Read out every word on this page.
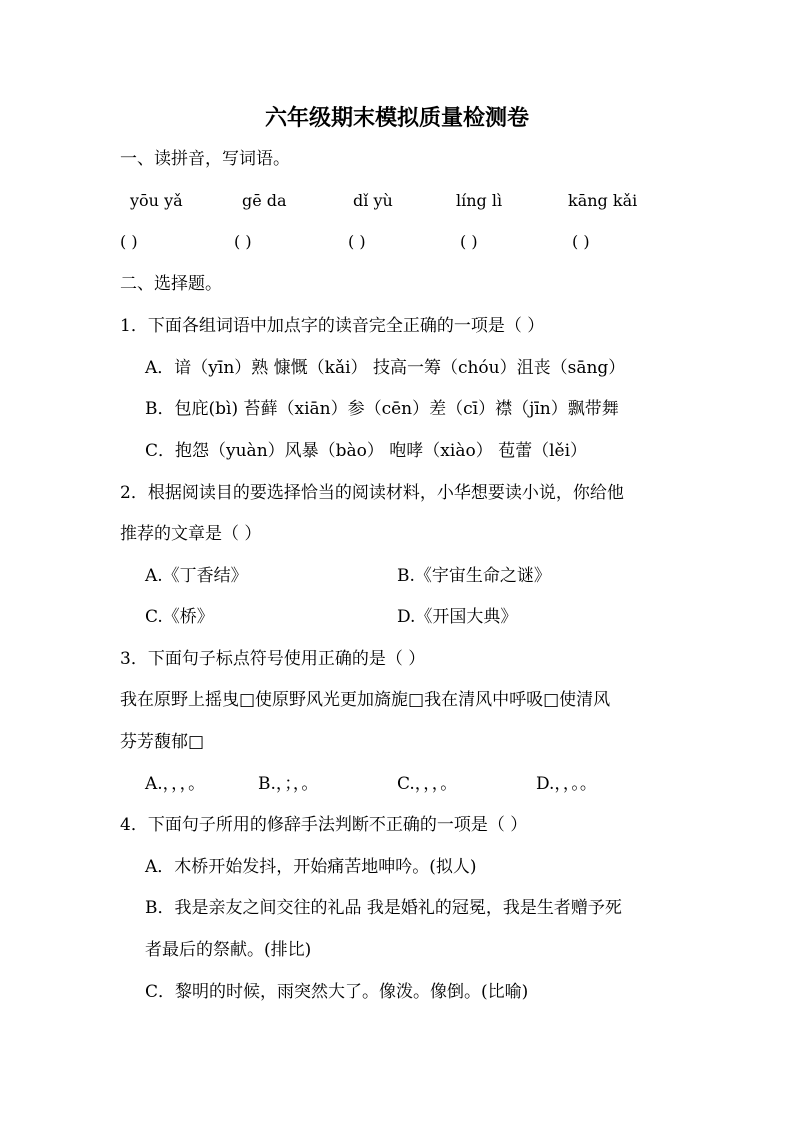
六年级期末模拟质量检测卷
一、读拼音，写词语。
yōu yǎ	gē da	dǐ yù	líng lì	kāng kǎi
( )	( )	( )	( )	( )
二、选择题。
1．下面各组词语中加点字的读音完全正确的一项是（ ）
A．谙（yīn）熟 慷慨（kǎi） 技高一筹（chóu）沮丧（sāng）
B．包庇(bì) 苔藓（xiān）参（cēn）差（cī）襟（jīn）飘带舞
C．抱怨（yuàn）风暴（bào） 咆哮（xiào） 苞蕾（lěi）
2．根据阅读目的要选择恰当的阅读材料，小华想要读小说，你给他
推荐的文章是（ ）
A.《丁香结》	B.《宇宙生命之谜》
C.《桥》	D.《开国大典》
3．下面句子标点符号使用正确的是（ ）
我在原野上摇曳□使原野风光更加旖旎□我在清风中呼吸□使清风
芬芳馥郁□
A.，，，。	B.，；，。	C.，，，。	D.，，。。
4．下面句子所用的修辞手法判断不正确的一项是（ ）
A．木桥开始发抖，开始痛苦地呻吟。(拟人)
B．我是亲友之间交往的礼品 我是婚礼的冠冕，我是生者赠予死
者最后的祭献。(排比)
C．黎明的时候，雨突然大了。像泼。像倒。(比喻)
